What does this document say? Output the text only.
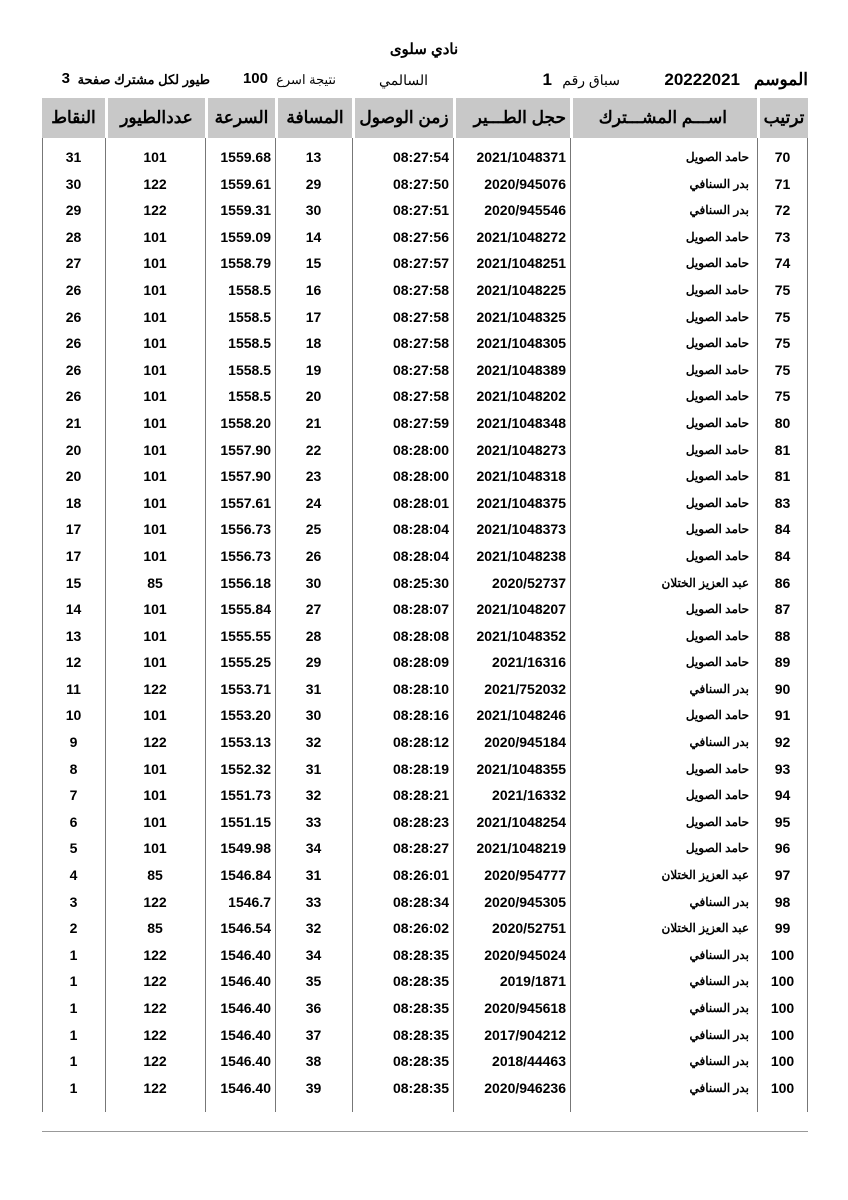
نادي سلوى
الموسم
20222021
سباق رقم
1
السالمي
نتيجة اسرع
100
طيور لكل مشترك صفحة
3
ترتيب
اســـم المشـــترك
حجل الطـــير
زمن الوصول
المسافة
السرعة
عددالطيور
النقاط
70
حامد الصويل
2021/1048371
08:27:54
13
1559.68
101
31
71
بدر السنافي
2020/945076
08:27:50
29
1559.61
122
30
72
بدر السنافي
2020/945546
08:27:51
30
1559.31
122
29
73
حامد الصويل
2021/1048272
08:27:56
14
1559.09
101
28
74
حامد الصويل
2021/1048251
08:27:57
15
1558.79
101
27
75
حامد الصويل
2021/1048225
08:27:58
16
1558.5
101
26
75
حامد الصويل
2021/1048325
08:27:58
17
1558.5
101
26
75
حامد الصويل
2021/1048305
08:27:58
18
1558.5
101
26
75
حامد الصويل
2021/1048389
08:27:58
19
1558.5
101
26
75
حامد الصويل
2021/1048202
08:27:58
20
1558.5
101
26
80
حامد الصويل
2021/1048348
08:27:59
21
1558.20
101
21
81
حامد الصويل
2021/1048273
08:28:00
22
1557.90
101
20
81
حامد الصويل
2021/1048318
08:28:00
23
1557.90
101
20
83
حامد الصويل
2021/1048375
08:28:01
24
1557.61
101
18
84
حامد الصويل
2021/1048373
08:28:04
25
1556.73
101
17
84
حامد الصويل
2021/1048238
08:28:04
26
1556.73
101
17
86
عبد العزيز الختلان
2020/52737
08:25:30
30
1556.18
85
15
87
حامد الصويل
2021/1048207
08:28:07
27
1555.84
101
14
88
حامد الصويل
2021/1048352
08:28:08
28
1555.55
101
13
89
حامد الصويل
2021/16316
08:28:09
29
1555.25
101
12
90
بدر السنافي
2021/752032
08:28:10
31
1553.71
122
11
91
حامد الصويل
2021/1048246
08:28:16
30
1553.20
101
10
92
بدر السنافي
2020/945184
08:28:12
32
1553.13
122
9
93
حامد الصويل
2021/1048355
08:28:19
31
1552.32
101
8
94
حامد الصويل
2021/16332
08:28:21
32
1551.73
101
7
95
حامد الصويل
2021/1048254
08:28:23
33
1551.15
101
6
96
حامد الصويل
2021/1048219
08:28:27
34
1549.98
101
5
97
عبد العزيز الختلان
2020/954777
08:26:01
31
1546.84
85
4
98
بدر السنافي
2020/945305
08:28:34
33
1546.7
122
3
99
عبد العزيز الختلان
2020/52751
08:26:02
32
1546.54
85
2
100
بدر السنافي
2020/945024
08:28:35
34
1546.40
122
1
100
بدر السنافي
2019/1871
08:28:35
35
1546.40
122
1
100
بدر السنافي
2020/945618
08:28:35
36
1546.40
122
1
100
بدر السنافي
2017/904212
08:28:35
37
1546.40
122
1
100
بدر السنافي
2018/44463
08:28:35
38
1546.40
122
1
100
بدر السنافي
2020/946236
08:28:35
39
1546.40
122
1
